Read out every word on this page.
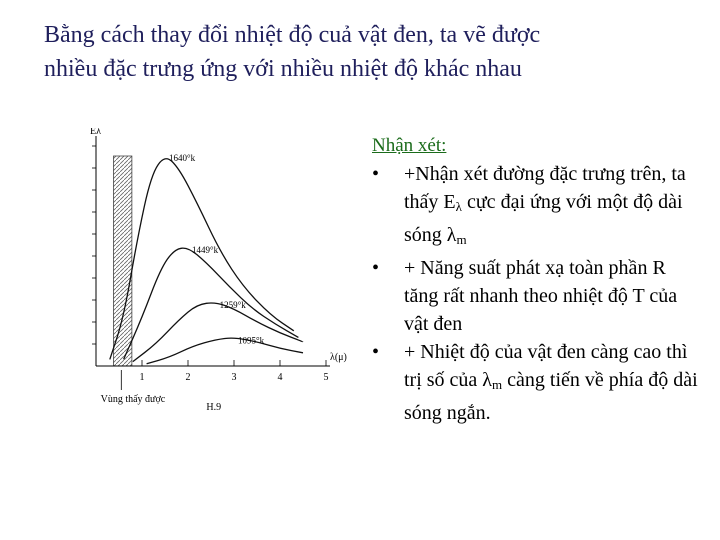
Bằng cách thay đổi nhiệt độ cuả vật đen, ta vẽ được
nhiều đặc trưng ứng với nhiều nhiệt độ khác nhau
1	2	3	4	5
Eλ
λ(μ)
1640°k
1449°k
1259°k
1095°k
Vùng thấy được
H.9
Nhận xét:
• +Nhận xét đường đặc trưng trên, ta thấy $E_\lambda$ cực đại ứng với một độ dài sóng $\lambda_m$
• + Năng suất phát xạ toàn phần R tăng rất nhanh theo nhiệt độ T của vật đen
• + Nhiệt độ của vật đen càng cao thì trị số của $\lambda_m$ càng tiến về phía độ dài sóng ngắn.
